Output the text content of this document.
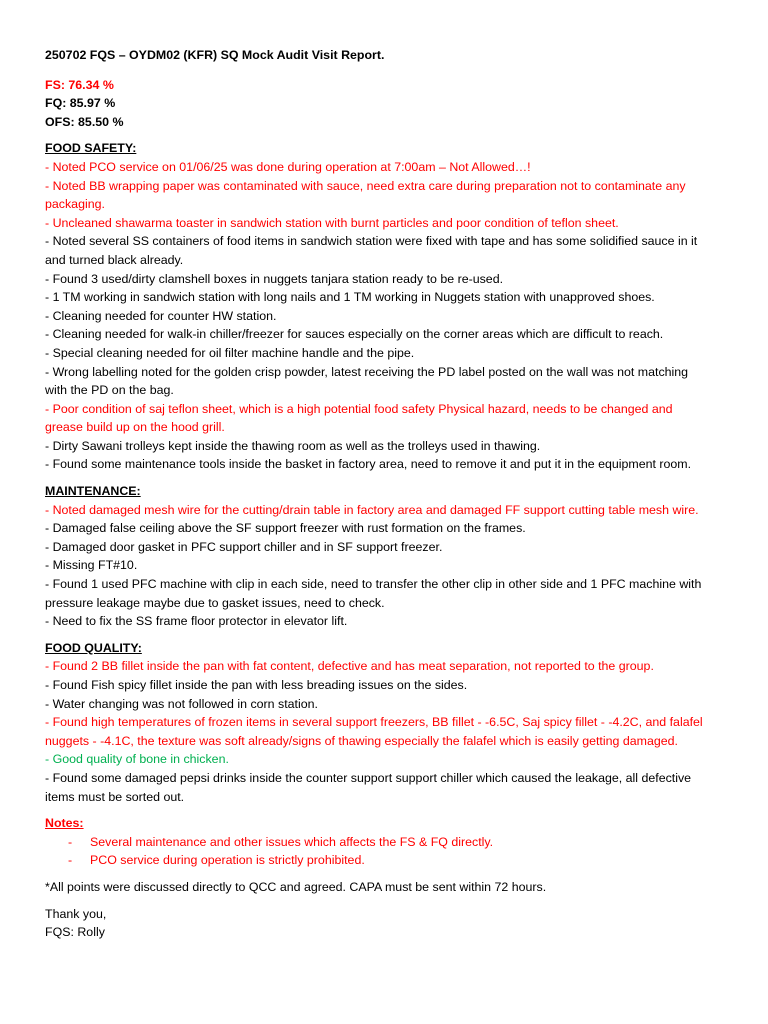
250702 FQS – OYDM02 (KFR) SQ Mock Audit Visit Report.

FS: 76.34 %

FQ: 85.97 %

OFS: 85.50 %

FOOD SAFETY:

- Noted PCO service on 01/06/25 was done during operation at 7:00am – Not Allowed…!

- Noted BB wrapping paper was contaminated with sauce, need extra care during preparation not to contaminate any

packaging.

- Uncleaned shawarma toaster in sandwich station with burnt particles and poor condition of teflon sheet.

- Noted several SS containers of food items in sandwich station were fixed with tape and has some solidified sauce in it

and turned black already.

- Found 3 used/dirty clamshell boxes in nuggets tanjara station ready to be re-used.

- 1 TM working in sandwich station with long nails and 1 TM working in Nuggets station with unapproved shoes.

- Cleaning needed for counter HW station.

- Cleaning needed for walk-in chiller/freezer for sauces especially on the corner areas which are difficult to reach.

- Special cleaning needed for oil filter machine handle and the pipe.

- Wrong labelling noted for the golden crisp powder, latest receiving the PD label posted on the wall was not matching

with the PD on the bag.

- Poor condition of saj teflon sheet, which is a high potential food safety Physical hazard, needs to be changed and

grease build up on the hood grill.

- Dirty Sawani trolleys kept inside the thawing room as well as the trolleys used in thawing.

- Found some maintenance tools inside the basket in factory area, need to remove it and put it in the equipment room.

MAINTENANCE:

- Noted damaged mesh wire for the cutting/drain table in factory area and damaged FF support cutting table mesh wire.

- Damaged false ceiling above the SF support freezer with rust formation on the frames.

- Damaged door gasket in PFC support chiller and in SF support freezer.

- Missing FT#10.

- Found 1 used PFC machine with clip in each side, need to transfer the other clip in other side and 1 PFC machine with

pressure leakage maybe due to gasket issues, need to check.

- Need to fix the SS frame floor protector in elevator lift.

FOOD QUALITY:

- Found 2 BB fillet inside the pan with fat content, defective and has meat separation, not reported to the group.

- Found Fish spicy fillet inside the pan with less breading issues on the sides.

- Water changing was not followed in corn station.

- Found high temperatures of frozen items in several support freezers, BB fillet - -6.5C, Saj spicy fillet - -4.2C, and falafel

nuggets - -4.1C, the texture was soft already/signs of thawing especially the falafel which is easily getting damaged.

- Good quality of bone in chicken.

- Found some damaged pepsi drinks inside the counter support support chiller which caused the leakage, all defective

items must be sorted out.

Notes:

- Several maintenance and other issues which affects the FS & FQ directly.
- PCO service during operation is strictly prohibited.

*All points were discussed directly to QCC and agreed. CAPA must be sent within 72 hours.

Thank you,

FQS: Rolly
